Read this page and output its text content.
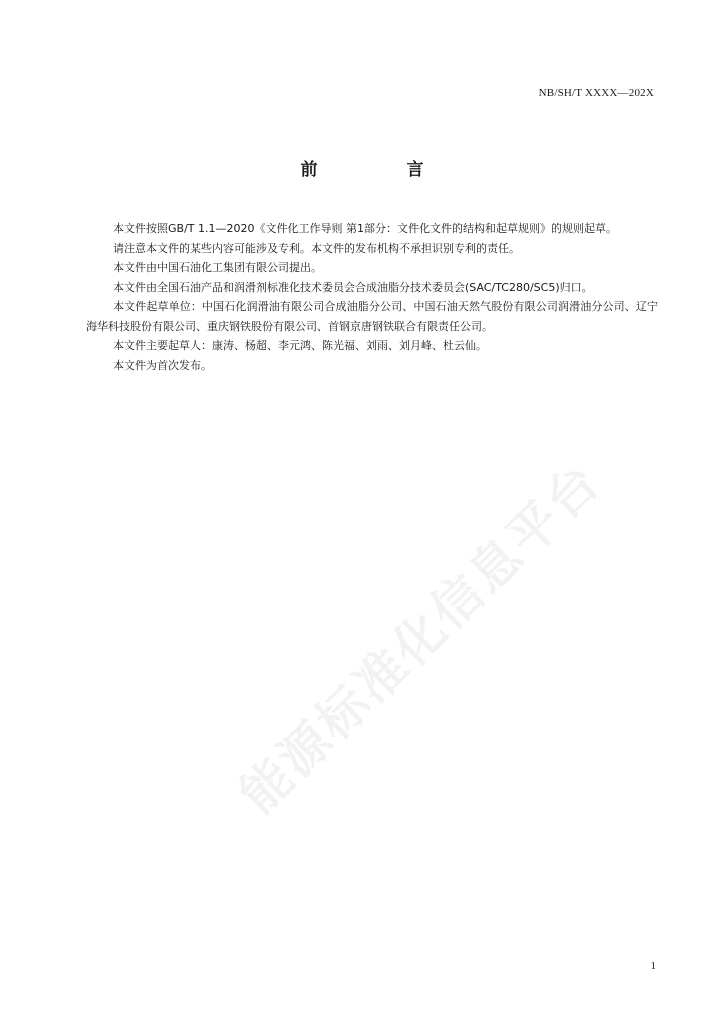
NB/SH/T XXXX—202X
前　言

本文件按照GB/T 1.1—2020《文件化工作导则 第1部分：文件化文件的结构和起草规则》的规则起草。

请注意本文件的某些内容可能涉及专利。本文件的发布机构不承担识别专利的责任。

本文件由中国石油化工集团有限公司提出。

本文件由全国石油产品和润滑剂标准化技术委员会合成油脂分技术委员会(SAC/TC280/SC5)归口。

本文件起草单位：中国石化润滑油有限公司合成油脂分公司、中国石油天然气股份有限公司润滑油分公司、辽宁海华科技股份有限公司、重庆钢铁股份有限公司、首钢京唐钢铁联合有限责任公司。

本文件主要起草人：康涛、杨超、李元鸿、陈光福、刘雨、刘月峰、杜云仙。

本文件为首次发布。

能源标准化信息平台
1
